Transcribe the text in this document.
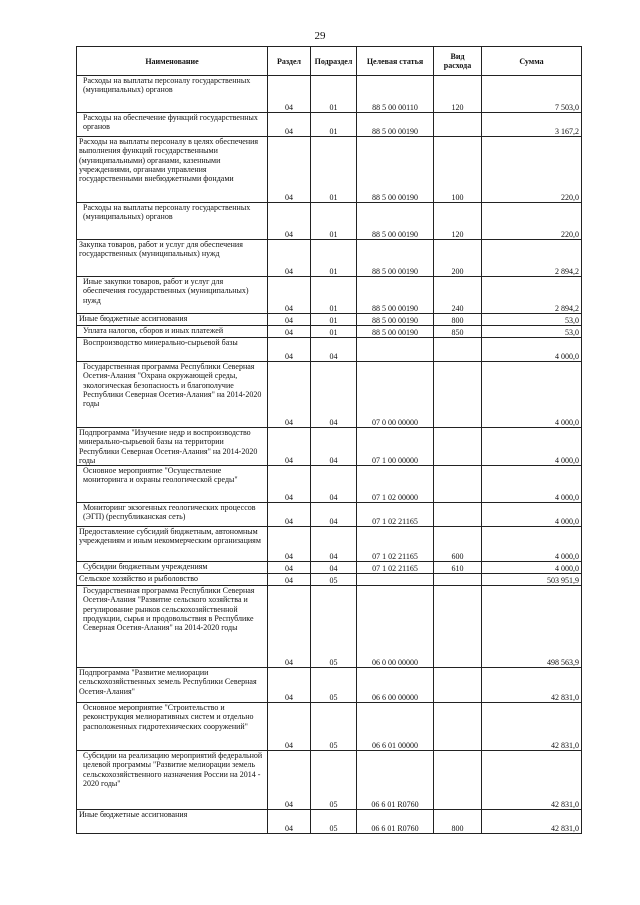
29
Наименование	Раздел	Подраздел	Целевая статья	Вид расхода	Сумма
Расходы на выплаты персоналу государственных (муниципальных) органов	04	01	88 5 00 00110	120	7 503,0
Расходы на обеспечение функций государственных органов	04	01	88 5 00 00190		3 167,2
Расходы на выплаты персоналу в целях обеспечения выполнения функций государственными (муниципальными) органами, казенными учреждениями, органами управления государственными внебюджетными фондами	04	01	88 5 00 00190	100	220,0
Расходы на выплаты персоналу государственных (муниципальных) органов	04	01	88 5 00 00190	120	220,0
Закупка товаров, работ и услуг для обеспечения государственных (муниципальных) нужд	04	01	88 5 00 00190	200	2 894,2
Иные закупки товаров, работ и услуг для обеспечения государственных (муниципальных) нужд	04	01	88 5 00 00190	240	2 894,2
Иные бюджетные ассигнования	04	01	88 5 00 00190	800	53,0
Уплата налогов, сборов и иных платежей	04	01	88 5 00 00190	850	53,0
Воспроизводство минерально-сырьевой базы	04	04			4 000,0
Государственная программа Республики Северная Осетия-Алания "Охрана окружающей среды, экологическая безопасность и благополучие Республики Северная Осетия-Алания" на 2014-2020 годы	04	04	07 0 00 00000		4 000,0
Подпрограмма "Изучение недр и воспроизводство минерально-сырьевой базы на территории Республики Северная Осетия-Алания" на 2014-2020 годы	04	04	07 1 00 00000		4 000,0
Основное мероприятие "Осуществление мониторинга и охраны геологической среды"	04	04	07 1 02 00000		4 000,0
Мониторинг экзогенных геологических процессов (ЭГП) (республиканская сеть)	04	04	07 1 02 21165		4 000,0
Предоставление субсидий бюджетным, автономным учреждениям и иным некоммерческим организациям	04	04	07 1 02 21165	600	4 000,0
Субсидии бюджетным учреждениям	04	04	07 1 02 21165	610	4 000,0
Сельское хозяйство и рыболовство	04	05			503 951,9
Государственная программа Республики Северная Осетия-Алания "Развитие сельского хозяйства и регулирование рынков сельскохозяйственной продукции, сырья и продовольствия в Республике Северная Осетия-Алания" на 2014-2020 годы	04	05	06 0 00 00000		498 563,9
Подпрограмма "Развитие мелиорации сельскохозяйственных земель Республики Северная Осетия-Алания"	04	05	06 6 00 00000		42 831,0
Основное мероприятие "Строительство и реконструкция мелиоративных систем и отдельно расположенных гидротехнических сооружений"	04	05	06 6 01 00000		42 831,0
Субсидии на реализацию мероприятий федеральной целевой программы "Развитие мелиорации земель сельскохозяйственного назначения России на 2014 - 2020 годы"	04	05	06 6 01 R0760		42 831,0
Иные бюджетные ассигнования	04	05	06 6 01 R0760	800	42 831,0
